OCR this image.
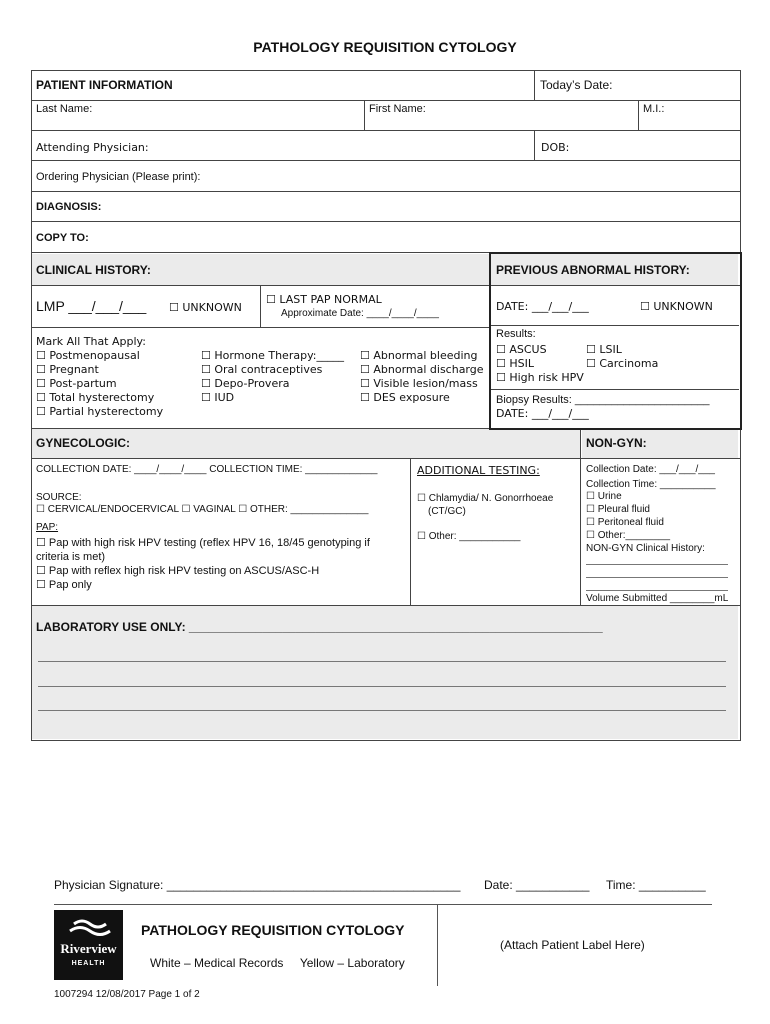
PATHOLOGY REQUISITION CYTOLOGY
PATIENT INFORMATION	Today’s Date:
Last Name:	First Name:	M.I.:
Attending Physician:	DOB:
Ordering Physician (Please print):
DIAGNOSIS:
COPY TO:
CLINICAL HISTORY:
LMP ___/___/___ ☐ UNKNOWN
☐ LAST PAP NORMAL
Approximate Date: ____/____/____
Mark All That Apply:
☐ Postmenopausal
☐ Pregnant
☐ Post-partum
☐ Total hysterectomy
☐ Partial hysterectomy
☐ Hormone Therapy:_____
☐ Oral contraceptives
☐ Depo-Provera
☐ IUD
☐ Abnormal bleeding
☐ Abnormal discharge
☐ Visible lesion/mass
☐ DES exposure
PREVIOUS ABNORMAL HISTORY:
DATE: ___/___/___	☐ UNKNOWN
Results:
☐ ASCUS	☐ LSIL
☐ HSIL	☐ Carcinoma
☐ High risk HPV
Biopsy Results: ______________________
DATE: ___/___/___
GYNECOLOGIC:
COLLECTION DATE: ____/____/____ COLLECTION TIME: _____________
SOURCE:
☐ CERVICAL/ENDOCERVICAL ☐ VAGINAL ☐ OTHER: ______________
PAP:
☐ Pap with high risk HPV testing (reflex HPV 16, 18/45 genotyping if
criteria is met)
☐ Pap with reflex high risk HPV testing on ASCUS/ASC-H
☐ Pap only
ADDITIONAL TESTING:
☐ Chlamydia/ N. Gonorrhoeae
(CT/GC)
☐ Other: ___________
NON-GYN:
Collection Date: ___/___/___
Collection Time: __________
☐ Urine
☐ Pleural fluid
☐ Peritoneal fluid
☐ Other:________
NON-GYN Clinical History:
Volume Submitted ________mL
LABORATORY USE ONLY: ______________________________________________________________
Physician Signature: ____________________________________________ Date: ___________ Time: __________
Riverview
HEALTH
PATHOLOGY REQUISITION CYTOLOGY
White – Medical Records     Yellow – Laboratory
(Attach Patient Label Here)
1007294 12/08/2017 Page 1 of 2
